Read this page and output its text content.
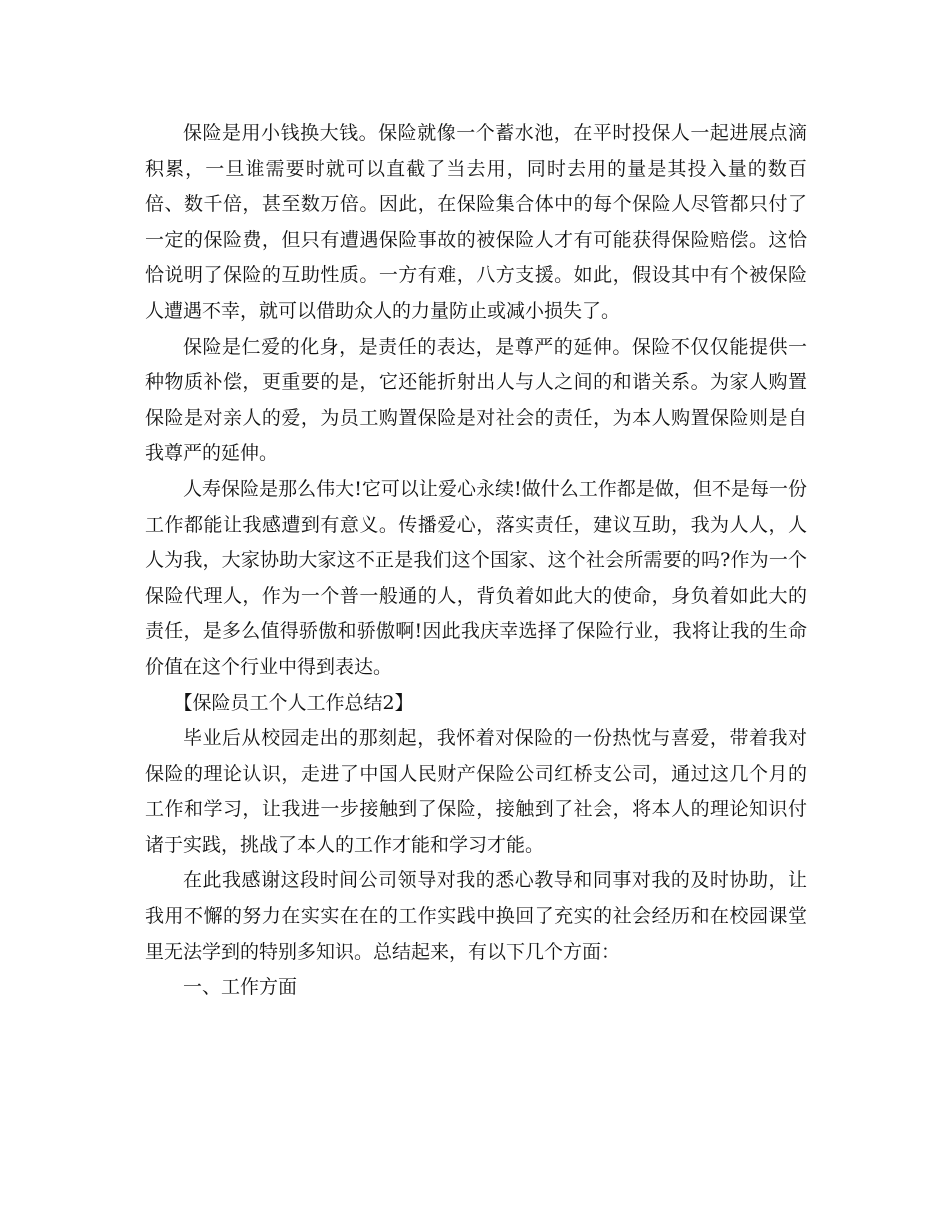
保险是用小钱换大钱。保险就像一个蓄水池，在平时投保人一起进展点滴积累，一旦谁需要时就可以直截了当去用，同时去用的量是其投入量的数百倍、数千倍，甚至数万倍。因此，在保险集合体中的每个保险人尽管都只付了一定的保险费，但只有遭遇保险事故的被保险人才有可能获得保险赔偿。这恰恰说明了保险的互助性质。一方有难，八方支援。如此，假设其中有个被保险人遭遇不幸，就可以借助众人的力量防止或减小损失了。

保险是仁爱的化身，是责任的表达，是尊严的延伸。保险不仅仅能提供一种物质补偿，更重要的是，它还能折射出人与人之间的和谐关系。为家人购置保险是对亲人的爱，为员工购置保险是对社会的责任，为本人购置保险则是自我尊严的延伸。

人寿保险是那么伟大!它可以让爱心永续!做什么工作都是做，但不是每一份工作都能让我感遭到有意义。传播爱心，落实责任，建议互助，我为人人，人人为我，大家协助大家这不正是我们这个国家、这个社会所需要的吗?作为一个保险代理人，作为一个普一般通的人，背负着如此大的使命，身负着如此大的责任，是多么值得骄傲和骄傲啊!因此我庆幸选择了保险行业，我将让我的生命价值在这个行业中得到表达。

【保险员工个人工作总结2】

毕业后从校园走出的那刻起，我怀着对保险的一份热忱与喜爱，带着我对保险的理论认识，走进了中国人民财产保险公司红桥支公司，通过这几个月的工作和学习，让我进一步接触到了保险，接触到了社会，将本人的理论知识付诸于实践，挑战了本人的工作才能和学习才能。

在此我感谢这段时间公司领导对我的悉心教导和同事对我的及时协助，让我用不懈的努力在实实在在的工作实践中换回了充实的社会经历和在校园课堂里无法学到的特别多知识。总结起来，有以下几个方面：

一、工作方面
